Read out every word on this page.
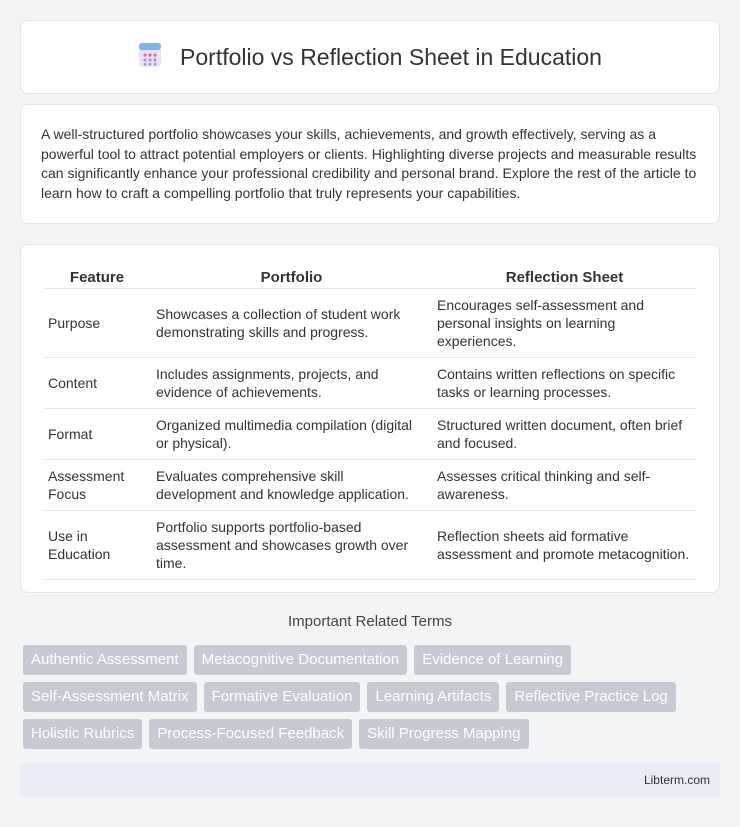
Portfolio vs Reflection Sheet in Education

A well-structured portfolio showcases your skills, achievements, and growth effectively, serving as a powerful tool to attract potential employers or clients. Highlighting diverse projects and measurable results can significantly enhance your professional credibility and personal brand. Explore the rest of the article to learn how to craft a compelling portfolio that truly represents your capabilities.

Feature	Portfolio	Reflection Sheet
Purpose	Showcases a collection of student work demonstrating skills and progress.	Encourages self-assessment and personal insights on learning experiences.
Content	Includes assignments, projects, and evidence of achievements.	Contains written reflections on specific tasks or learning processes.
Format	Organized multimedia compilation (digital or physical).	Structured written document, often brief and focused.
Assessment Focus	Evaluates comprehensive skill development and knowledge application.	Assesses critical thinking and self-awareness.
Use in Education	Portfolio supports portfolio-based assessment and showcases growth over time.	Reflection sheets aid formative assessment and promote metacognition.
Important Related Terms
Authentic Assessment	Metacognitive Documentation	Evidence of Learning
Self-Assessment Matrix	Formative Evaluation	Learning Artifacts	Reflective Practice Log
Holistic Rubrics	Process-Focused Feedback	Skill Progress Mapping
Libterm.com
